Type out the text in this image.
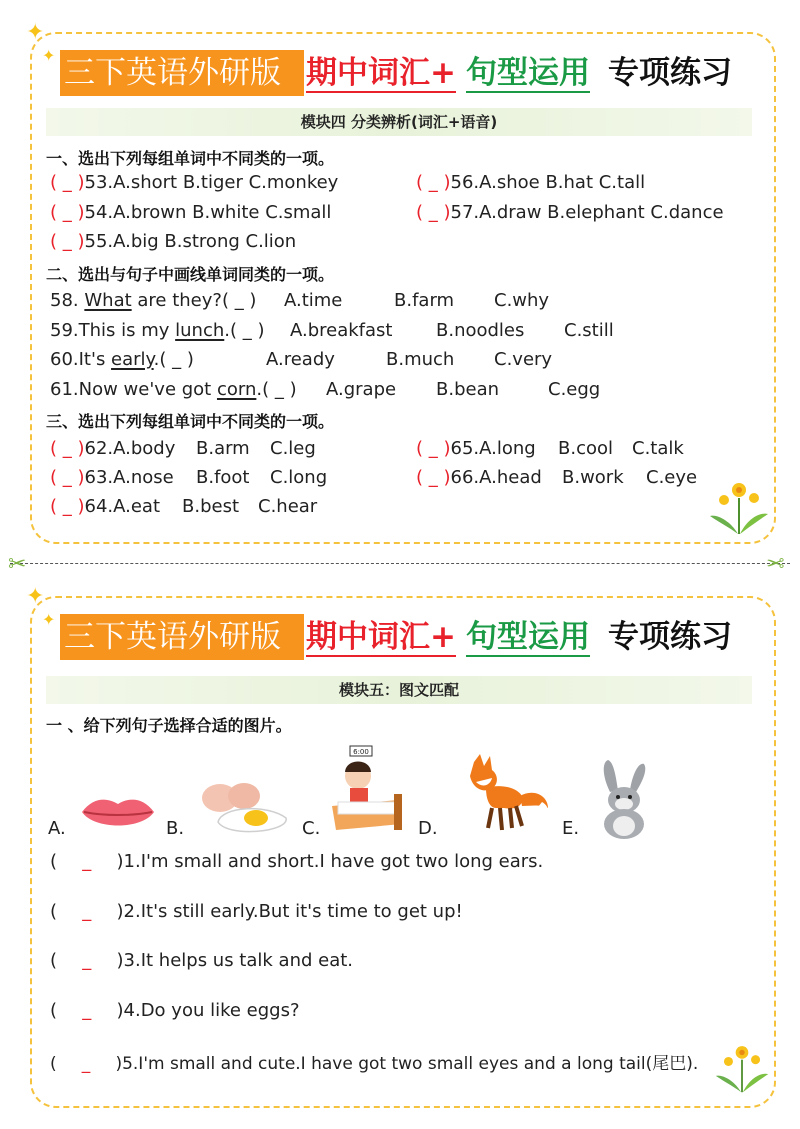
✦
✦ 三下英语外研版 期中词汇+ 句型运用 专项练习
模块四 分类辨析(词汇+语音)
一、选出下列每组单词中不同类的一项。
( _ )53.A.short B.tiger C.monkey	( _ )56.A.shoe B.hat C.tall
( _ )54.A.brown B.white C.small	( _ )57.A.draw B.elephant C.dance
( _ )55.A.big B.strong C.lion
二、选出与句子中画线单词同类的一项。
58. What are they?( _ ) A.time	B.farm C.why
59.This is my lunch.( _ ) A.breakfast B.noodles C.still
60.It's early.( _ )	A.ready	B.much C.very
61.Now we've got corn.( _ ) A.grape B.bean	C.egg
三、选出下列每组单词中不同类的一项。
( _ )62.A.body B.arm C.leg	( _ )65.A.long B.cool C.talk
( _ )63.A.nose B.foot C.long	( _ )66.A.head B.work C.eye
( _ )64.A.eat B.best C.hear
✂	✂
✦
✦ 三下英语外研版 期中词汇+ 句型运用 专项练习
模块五：图文匹配
一 、给下列句子选择合适的图片。
A.	B.	C.
6:00
D.	E.
( _ )1.I'm small and short.I have got two long ears.
( _ )2.It's still early.But it's time to get up!
( _ )3.It helps us talk and eat.
( _ )4.Do you like eggs?
( _ )5.I'm small and cute.I have got two small eyes and a long tail(尾巴).
